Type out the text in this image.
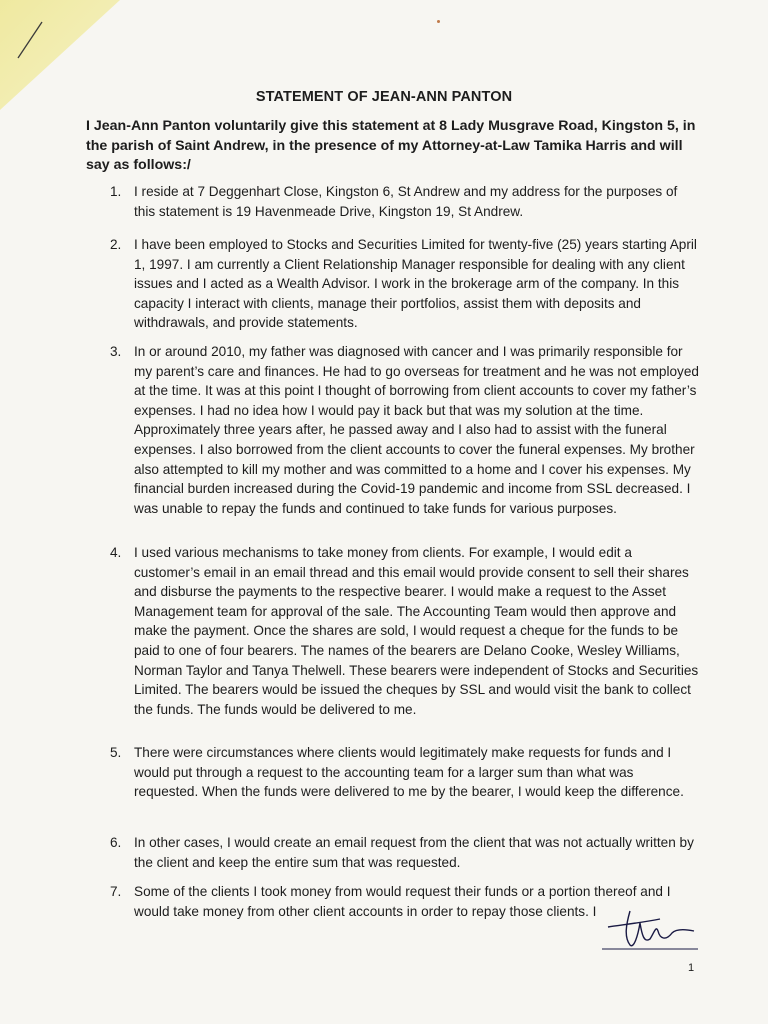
STATEMENT OF JEAN-ANN PANTON
I Jean-Ann Panton voluntarily give this statement at 8 Lady Musgrave Road, Kingston 5, in the parish of Saint Andrew, in the presence of my Attorney-at-Law Tamika Harris and will say as follows:/
1. I reside at 7 Deggenhart Close, Kingston 6, St Andrew and my address for the purposes of this statement is 19 Havenmeade Drive, Kingston 19, St Andrew.
2. I have been employed to Stocks and Securities Limited for twenty-five (25) years starting April 1, 1997. I am currently a Client Relationship Manager responsible for dealing with any client issues and I acted as a Wealth Advisor. I work in the brokerage arm of the company. In this capacity I interact with clients, manage their portfolios, assist them with deposits and withdrawals, and provide statements.
3. In or around 2010, my father was diagnosed with cancer and I was primarily responsible for my parent’s care and finances. He had to go overseas for treatment and he was not employed at the time. It was at this point I thought of borrowing from client accounts to cover my father’s expenses. I had no idea how I would pay it back but that was my solution at the time. Approximately three years after, he passed away and I also had to assist with the funeral expenses. I also borrowed from the client accounts to cover the funeral expenses. My brother also attempted to kill my mother and was committed to a home and I cover his expenses. My financial burden increased during the Covid-19 pandemic and income from SSL decreased. I was unable to repay the funds and continued to take funds for various purposes.
4. I used various mechanisms to take money from clients. For example, I would edit a customer’s email in an email thread and this email would provide consent to sell their shares and disburse the payments to the respective bearer. I would make a request to the Asset Management team for approval of the sale. The Accounting Team would then approve and make the payment. Once the shares are sold, I would request a cheque for the funds to be paid to one of four bearers. The names of the bearers are Delano Cooke, Wesley Williams, Norman Taylor and Tanya Thelwell. These bearers were independent of Stocks and Securities Limited. The bearers would be issued the cheques by SSL and would visit the bank to collect the funds. The funds would be delivered to me.
5. There were circumstances where clients would legitimately make requests for funds and I would put through a request to the accounting team for a larger sum than what was requested. When the funds were delivered to me by the bearer, I would keep the difference.
6. In other cases, I would create an email request from the client that was not actually written by the client and keep the entire sum that was requested.
7. Some of the clients I took money from would request their funds or a portion thereof and I would take money from other client accounts in order to repay those clients. I
1
